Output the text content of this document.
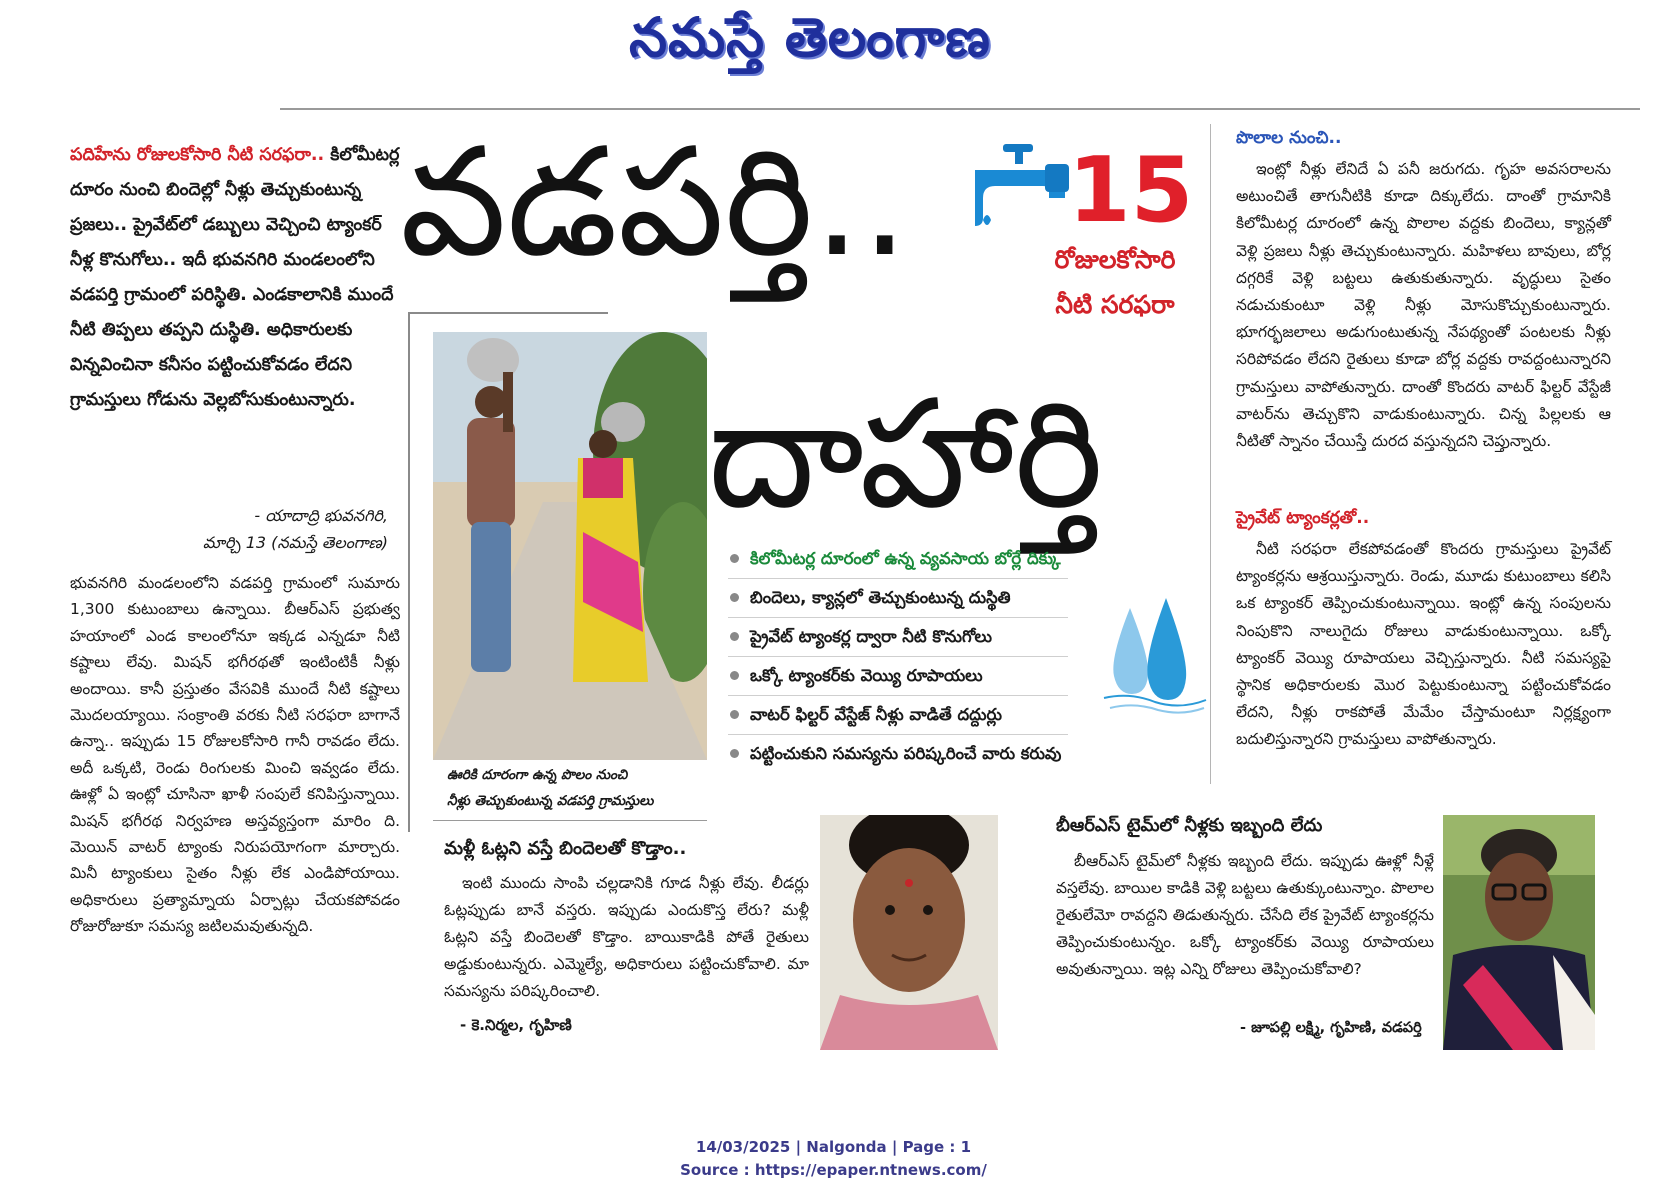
నమస్తే తెలంగాణ
పదిహేను రోజులకోసారి నీటి సరఫరా.. కిలోమీటర్ల దూరం నుంచి బిందెల్లో నీళ్లు తెచ్చుకుంటున్న ప్రజలు.. ప్రైవేట్‌లో డబ్బులు వెచ్చించి ట్యాంకర్ నీళ్ల కొనుగోలు.. ఇదీ భువనగిరి మండలంలోని వడపర్తి గ్రామంలో పరిస్థితి. ఎండకాలానికి ముందే నీటి తిప్పలు తప్పని దుస్థితి. అధికారులకు విన్నవించినా కనీసం పట్టించుకోవడం లేదని గ్రామస్తులు గోడును వెల్లబోసుకుంటున్నారు.
- యాదాద్రి భువనగిరి,
మార్చి 13 (నమస్తే తెలంగాణ)
భువనగిరి మండలంలోని వడపర్తి గ్రామంలో సుమారు 1,300 కుటుంబాలు ఉన్నాయి. బీఆర్‌ఎస్ ప్రభుత్వ హయాంలో ఎండ కాలంలోనూ ఇక్కడ ఎన్నడూ నీటి కష్టాలు లేవు. మిషన్ భగీరథతో ఇంటింటికీ నీళ్లు అందాయి. కానీ ప్రస్తుతం వేసవికి ముందే నీటి కష్టాలు మొదలయ్యాయి. సంక్రాంతి వరకు నీటి సరఫరా బాగానే ఉన్నా.. ఇప్పుడు 15 రోజులకోసారి గానీ రావడం లేదు. అదీ ఒక్కటి, రెండు రింగులకు మించి ఇవ్వడం లేదు. ఊళ్లో ఏ ఇంట్లో చూసినా ఖాళీ సంపులే కనిపిస్తున్నాయి. మిషన్ భగీరథ నిర్వహణ అస్తవ్యస్తంగా మారిం ది. మెయిన్ వాటర్ ట్యాంకు నిరుపయోగంగా మార్చారు. మినీ ట్యాంకులు సైతం నీళ్లు లేక ఎండిపోయాయి. అధికారులు ప్రత్యామ్నాయ ఏర్పాట్లు చేయకపోవడం రోజురోజుకూ సమస్య జటిలమవుతున్నది.
వడపర్తి..
దాహార్తి
15
రోజులకోసారి
నీటి సరఫరా
ఊరికి దూరంగా ఉన్న పొలం నుంచి
నీళ్లు తెచ్చుకుంటున్న వడపర్తి గ్రామస్తులు
కిలోమీటర్ల దూరంలో ఉన్న వ్యవసాయ బోర్లే దిక్కు
బిందెలు, క్యాన్లలో తెచ్చుకుంటున్న దుస్థితి
ప్రైవేట్ ట్యాంకర్ల ద్వారా నీటి కొనుగోలు
ఒక్కో ట్యాంకర్‌కు వెయ్యి రూపాయలు
వాటర్ ఫిల్టర్ వేస్టేజ్ నీళ్లు వాడితే దద్దుర్లు
పట్టించుకుని సమస్యను పరిష్కరించే వారు కరువు
పొలాల నుంచి..
ఇంట్లో నీళ్లు లేనిదే ఏ పనీ జరుగదు. గృహ అవసరాలను అటుంచితే తాగునీటికి కూడా దిక్కులేదు. దాంతో గ్రామానికి కిలోమీటర్ల దూరంలో ఉన్న పొలాల వద్దకు బిందెలు, క్యాన్లతో వెళ్లి ప్రజలు నీళ్లు తెచ్చుకుంటున్నారు. మహిళలు బావులు, బోర్ల దగ్గరికే వెళ్లి బట్టలు ఉతుకుతున్నారు. వృద్ధులు సైతం నడుచుకుంటూ వెళ్లి నీళ్లు మోసుకొచ్చుకుంటున్నారు. భూగర్భజలాలు అడుగుంటుతున్న నేపథ్యంతో పంటలకు నీళ్లు సరిపోవడం లేదని రైతులు కూడా బోర్ల వద్దకు రావద్దంటున్నారని గ్రామస్తులు వాపోతున్నారు. దాంతో కొందరు వాటర్ ఫిల్టర్ వేస్టేజీ వాటర్‌ను తెచ్చుకొని వాడుకుంటున్నారు. చిన్న పిల్లలకు ఆ నీటితో స్నానం చేయిస్తే దురద వస్తున్నదని చెప్తున్నారు.
ప్రైవేట్ ట్యాంకర్లతో..
నీటి సరఫరా లేకపోవడంతో కొందరు గ్రామస్తులు ప్రైవేట్ ట్యాంకర్లను ఆశ్రయిస్తున్నారు. రెండు, మూడు కుటుంబాలు కలిసి ఒక ట్యాంకర్ తెప్పించుకుంటున్నాయి. ఇంట్లో ఉన్న సంపులను నింపుకొని నాలుగైదు రోజులు వాడుకుంటున్నాయి. ఒక్కో ట్యాంకర్ వెయ్యి రూపాయలు వెచ్చిస్తున్నారు. నీటి సమస్యపై స్థానిక అధికారులకు మొర పెట్టుకుంటున్నా పట్టించుకోవడం లేదని, నీళ్లు రాకపోతే మేమేం చేస్తామంటూ నిర్లక్ష్యంగా బదులిస్తున్నారని గ్రామస్తులు వాపోతున్నారు.
మళ్లీ ఓట్లని వస్తే బిందెలతో కొడ్తాం..
ఇంటి ముందు సాంపి చల్లడానికి గూడ నీళ్లు లేవు. లీడర్లు ఓట్లప్పుడు బానే వస్తరు. ఇప్పుడు ఎందుకొస్త లేరు? మళ్లీ ఓట్లని వస్తే బిందెలతో కొడ్తాం. బాయికాడికి పోతే రైతులు అడ్డుకుంటున్నరు. ఎమ్మెల్యే, అధికారులు పట్టించుకోవాలి. మా సమస్యను పరిష్కరించాలి.
- కె.నిర్మల, గృహిణి
బీఆర్‌ఎస్ టైమ్‌లో నీళ్లకు ఇబ్బంది లేదు
బీఆర్‌ఎస్ టైమ్‌లో నీళ్లకు ఇబ్బంది లేదు. ఇప్పుడు ఊళ్లో నీళ్లే వస్తలేవు. బాయిల కాడికి వెళ్లి బట్టలు ఉతుక్కుంటున్నాం. పొలాల రైతులేమో రావద్దని తిడుతున్నరు. చేసేది లేక ప్రైవేట్ ట్యాంకర్లను తెప్పించుకుంటున్నం. ఒక్కో ట్యాంకర్‌కు వెయ్యి రూపాయలు అవుతున్నాయి. ఇట్ల ఎన్ని రోజులు తెప్పించుకోవాలి?
- జూపల్లి లక్ష్మి, గృహిణి, వడపర్తి
14/03/2025 | Nalgonda | Page : 1
Source : https://epaper.ntnews.com/
